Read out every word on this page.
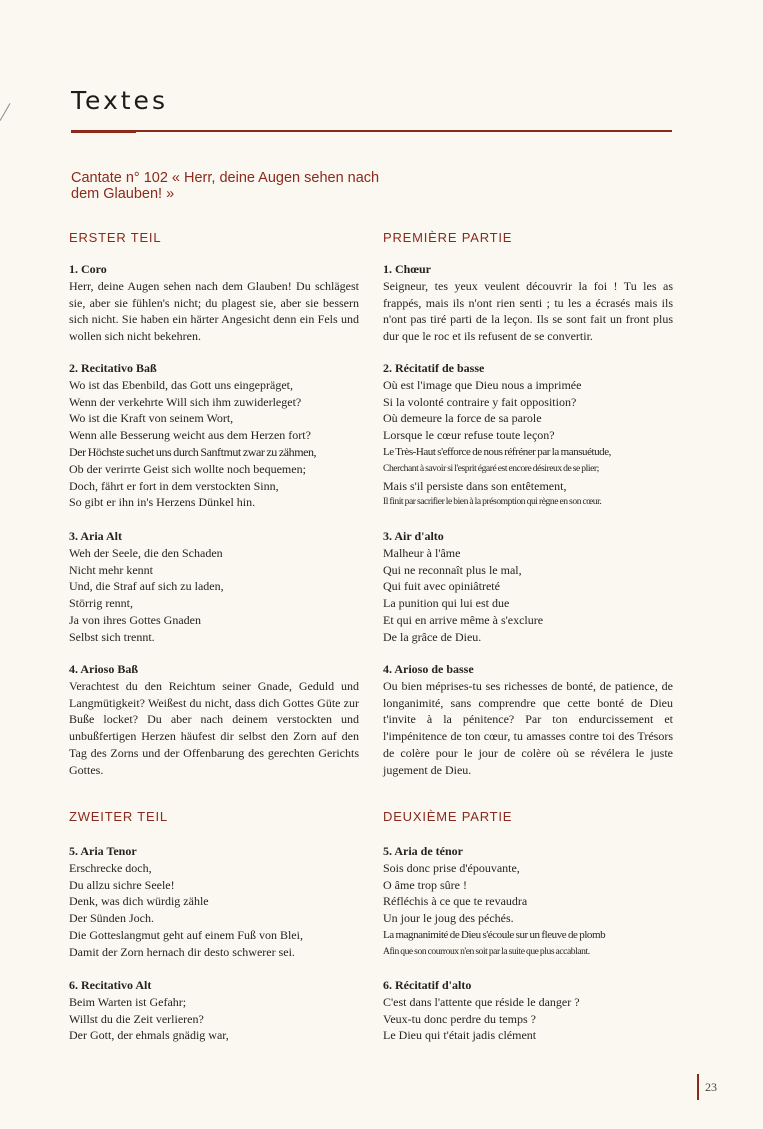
Textes
Cantate n° 102 « Herr, deine Augen sehen nach dem Glauben! »
ERSTER TEIL

1. Coro

Herr, deine Augen sehen nach dem Glauben! Du schlägest sie, aber sie fühlen's nicht; du plagest sie, aber sie bessern sich nicht. Sie haben ein härter Angesicht denn ein Fels und wollen sich nicht bekehren.

2. Recitativo Baß

Wo ist das Ebenbild, das Gott uns eingepräget,

Wenn der verkehrte Will sich ihm zuwiderleget?

Wo ist die Kraft von seinem Wort,

Wenn alle Besserung weicht aus dem Herzen fort?

Der Höchste suchet uns durch Sanftmut zwar zu zähmen,

Ob der verirrte Geist sich wollte noch bequemen;

Doch, fährt er fort in dem verstockten Sinn,

So gibt er ihn in's Herzens Dünkel hin.

3. Aria Alt

Weh der Seele, die den Schaden

Nicht mehr kennt

Und, die Straf auf sich zu laden,

Störrig rennt,

Ja von ihres Gottes Gnaden

Selbst sich trennt.

4. Arioso Baß

Verachtest du den Reichtum seiner Gnade, Geduld und Langmütigkeit? Weißest du nicht, dass dich Gottes Güte zur Buße locket? Du aber nach deinem verstockten und unbußfertigen Herzen häufest dir selbst den Zorn auf den Tag des Zorns und der Offenbarung des gerechten Gerichts Gottes.

ZWEITER TEIL

5. Aria Tenor

Erschrecke doch,

Du allzu sichre Seele!

Denk, was dich würdig zähle

Der Sünden Joch.

Die Gotteslangmut geht auf einem Fuß von Blei,

Damit der Zorn hernach dir desto schwerer sei.

6. Recitativo Alt

Beim Warten ist Gefahr;

Willst du die Zeit verlieren?

Der Gott, der ehmals gnädig war,

PREMIÈRE PARTIE

1. Chœur

Seigneur, tes yeux veulent découvrir la foi ! Tu les as frappés, mais ils n'ont rien senti ; tu les a écrasés mais ils n'ont pas tiré parti de la leçon. Ils se sont fait un front plus dur que le roc et ils refusent de se convertir.

2. Récitatif de basse

Où est l'image que Dieu nous a imprimée

Si la volonté contraire y fait opposition?

Où demeure la force de sa parole

Lorsque le cœur refuse toute leçon?

Le Très-Haut s'efforce de nous réfréner par la mansuétude,

Cherchant à savoir si l'esprit égaré est encore désireux de se plier;

Mais s'il persiste dans son entêtement,

Il finit par sacrifier le bien à la présomption qui règne en son cœur.

3. Air d'alto

Malheur à l'âme

Qui ne reconnaît plus le mal,

Qui fuit avec opiniâtreté

La punition qui lui est due

Et qui en arrive même à s'exclure

De la grâce de Dieu.

4. Arioso de basse

Ou bien méprises-tu ses richesses de bonté, de patience, de longanimité, sans comprendre que cette bonté de Dieu t'invite à la pénitence? Par ton endurcissement et l'impénitence de ton cœur, tu amasses contre toi des Trésors de colère pour le jour de colère où se révélera le juste jugement de Dieu.

DEUXIÈME PARTIE

5. Aria de ténor

Sois donc prise d'épouvante,

O âme trop sûre !

Réfléchis à ce que te revaudra

Un jour le joug des péchés.

La magnanimité de Dieu s'écoule sur un fleuve de plomb

Afin que son courroux n'en soit par la suite que plus accablant.

6. Récitatif d'alto

C'est dans l'attente que réside le danger ?

Veux-tu donc perdre du temps ?

Le Dieu qui t'était jadis clément

23
